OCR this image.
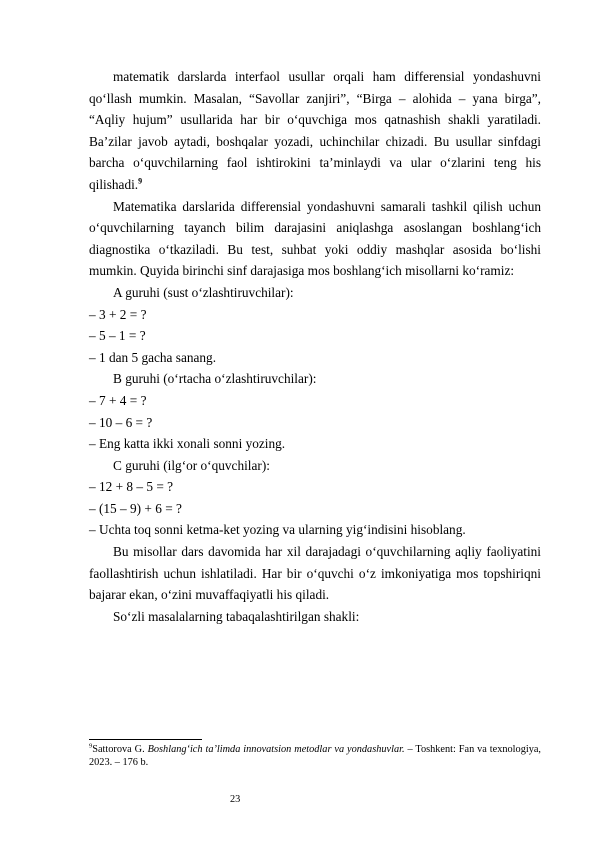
matematik darslarda interfaol usullar orqali ham differensial yondashuvni qo‘llash mumkin. Masalan, “Savollar zanjiri”, “Birga – alohida – yana birga”, “Aqliy hujum” usullarida har bir o‘quvchiga mos qatnashish shakli yaratiladi. Ba’zilar javob aytadi, boshqalar yozadi, uchinchilar chizadi. Bu usullar sinfdagi barcha o‘quvchilarning faol ishtirokini ta’minlaydi va ular o‘zlarini teng his qilishadi.$^9$

Matematika darslarida differensial yondashuvni samarali tashkil qilish uchun o‘quvchilarning tayanch bilim darajasini aniqlashga asoslangan boshlang‘ich diagnostika o‘tkaziladi. Bu test, suhbat yoki oddiy mashqlar asosida bo‘lishi mumkin. Quyida birinchi sinf darajasiga mos boshlang‘ich misollarni ko‘ramiz:

A guruhi (sust o‘zlashtiruvchilar):

– 3 + 2 = ?

– 5 – 1 = ?

– 1 dan 5 gacha sanang.

B guruhi (o‘rtacha o‘zlashtiruvchilar):

– 7 + 4 = ?

– 10 – 6 = ?

– Eng katta ikki xonali sonni yozing.

C guruhi (ilg‘or o‘quvchilar):

– 12 + 8 – 5 = ?

– (15 – 9) + 6 = ?

– Uchta toq sonni ketma-ket yozing va ularning yig‘indisini hisoblang.

Bu misollar dars davomida har xil darajadagi o‘quvchilarning aqliy faoliyatini faollashtirish uchun ishlatiladi. Har bir o‘quvchi o‘z imkoniyatiga mos topshiriqni bajarar ekan, o‘zini muvaffaqiyatli his qiladi.

So‘zli masalalarning tabaqalashtirilgan shakli:

$^9$Sattorova G. Boshlang‘ich ta’limda innovatsion metodlar va yondashuvlar. – Toshkent: Fan va texnologiya, 2023. – 176 b.
23
